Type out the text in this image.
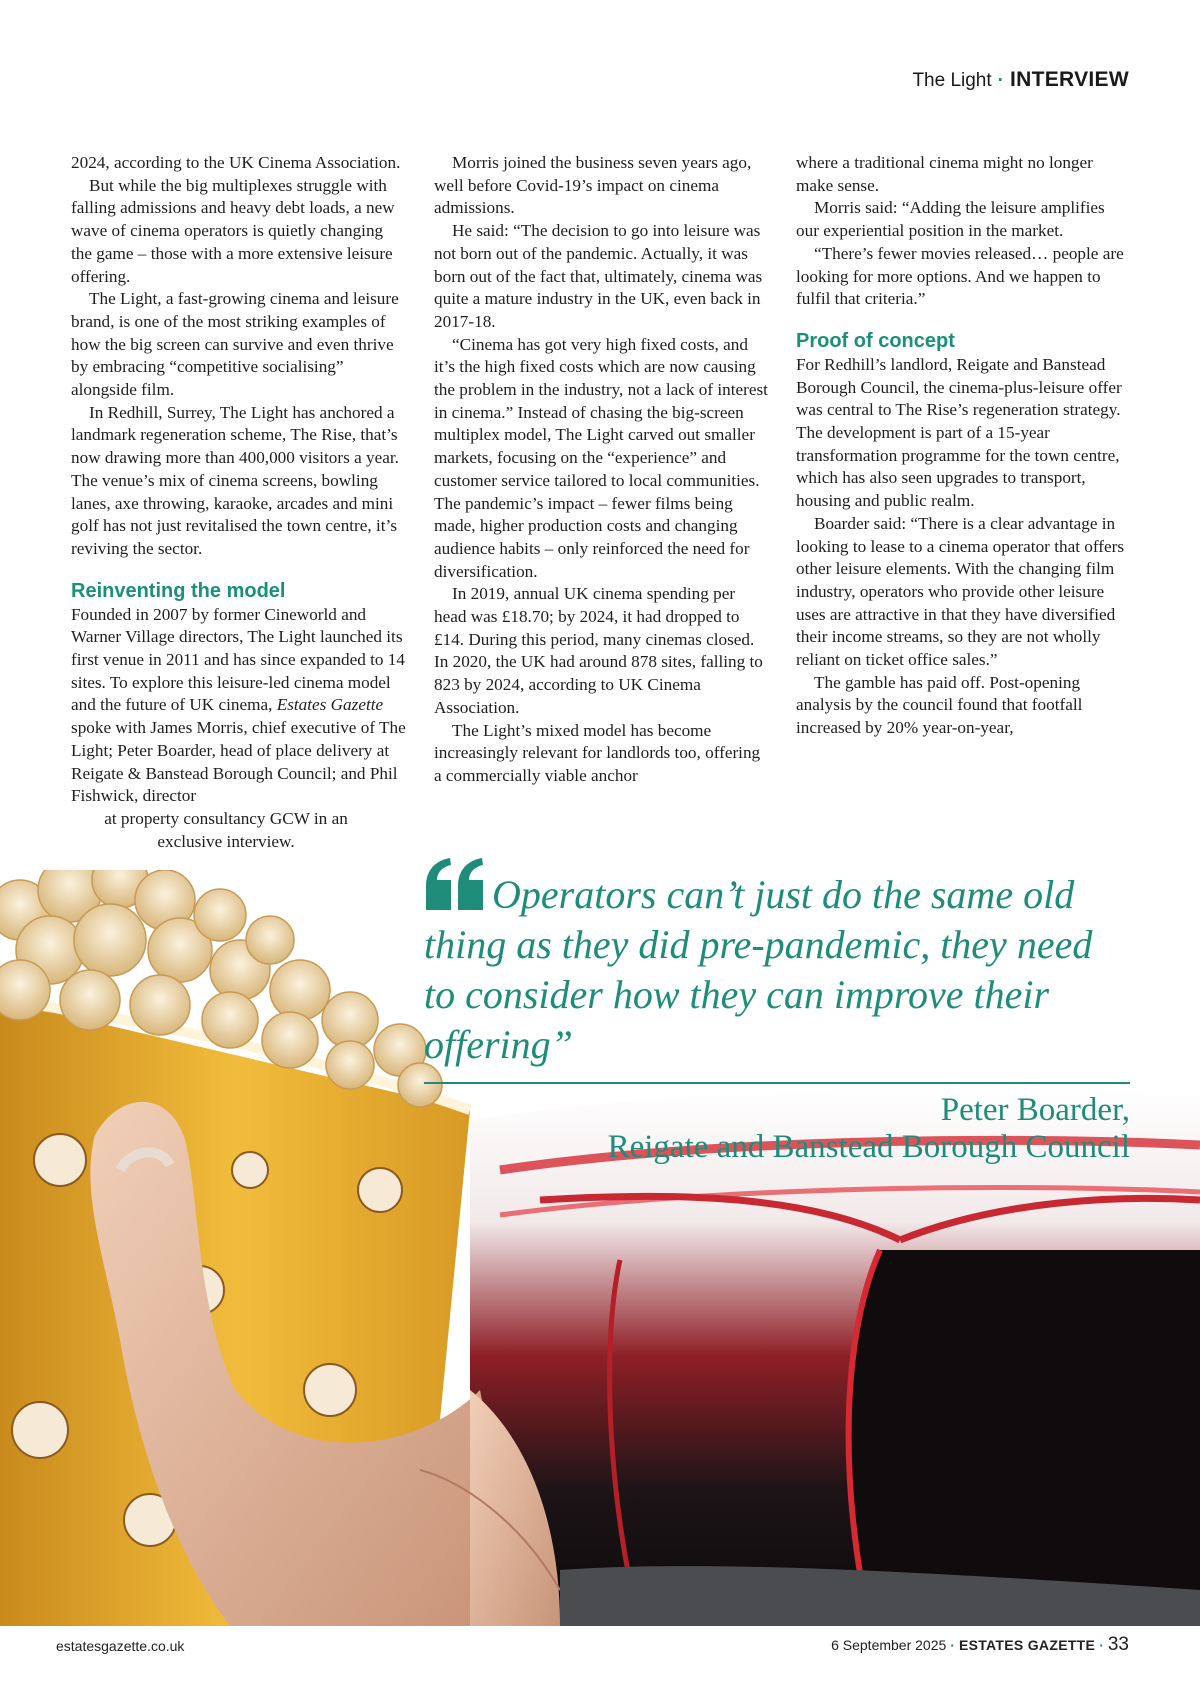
The Light · INTERVIEW

2024, according to the UK Cinema Association.

But while the big multiplexes struggle with falling admissions and heavy debt loads, a new wave of cinema operators is quietly changing the game – those with a more extensive leisure offering.

The Light, a fast-growing cinema and leisure brand, is one of the most striking examples of how the big screen can survive and even thrive by embracing “competitive socialising” alongside film.

In Redhill, Surrey, The Light has anchored a landmark regeneration scheme, The Rise, that’s now drawing more than 400,000 visitors a year. The venue’s mix of cinema screens, bowling lanes, axe throwing, karaoke, arcades and mini golf has not just revitalised the town centre, it’s reviving the sector.

Reinventing the model

Founded in 2007 by former Cineworld and Warner Village directors, The Light launched its first venue in 2011 and has since expanded to 14 sites. To explore this leisure-led cinema model and the future of UK cinema, Estates Gazette spoke with James Morris, chief executive of The Light; Peter Boarder, head of place delivery at Reigate & Banstead Borough Council; and Phil Fishwick, director

at property consultancy GCW in an exclusive interview.

Morris joined the business seven years ago, well before Covid-19’s impact on cinema admissions.

He said: “The decision to go into leisure was not born out of the pandemic. Actually, it was born out of the fact that, ultimately, cinema was quite a mature industry in the UK, even back in 2017-18.

“Cinema has got very high fixed costs, and it’s the high fixed costs which are now causing the problem in the industry, not a lack of interest in cinema.” Instead of chasing the big-screen multiplex model, The Light carved out smaller markets, focusing on the “experience” and customer service tailored to local communities. The pandemic’s impact – fewer films being made, higher production costs and changing audience habits – only reinforced the need for diversification.

In 2019, annual UK cinema spending per head was £18.70; by 2024, it had dropped to £14. During this period, many cinemas closed. In 2020, the UK had around 878 sites, falling to 823 by 2024, according to UK Cinema Association.

The Light’s mixed model has become increasingly relevant for landlords too, offering a commercially viable anchor

where a traditional cinema might no longer make sense.

Morris said: “Adding the leisure amplifies our experiential position in the market.

“There’s fewer movies released… people are looking for more options. And we happen to fulfil that criteria.”

Proof of concept

For Redhill’s landlord, Reigate and Banstead Borough Council, the cinema-plus-leisure offer was central to The Rise’s regeneration strategy. The development is part of a 15-year transformation programme for the town centre, which has also seen upgrades to transport, housing and public realm.

Boarder said: “There is a clear advantage in looking to lease to a cinema operator that offers other leisure elements. With the changing film industry, operators who provide other leisure uses are attractive in that they have diversified their income streams, so they are not wholly reliant on ticket office sales.”

The gamble has paid off. Post-opening analysis by the council found that footfall increased by 20% year-on-year,

Operators can’t just do the same old thing as they did pre-pandemic, they need to consider how they can improve their offering”
Peter Boarder,
Reigate and Banstead Borough Council
estatesgazette.co.uk	6 September 2025 · ESTATES GAZETTE · 33
